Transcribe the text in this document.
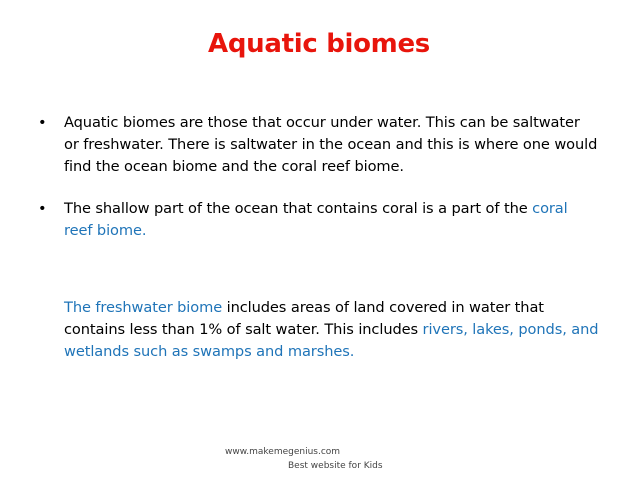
Aquatic biomes
• Aquatic biomes are those that occur under water. This can be saltwater or freshwater. There is saltwater in the ocean and this is where one would find the ocean biome and the coral reef biome.
• The shallow part of the ocean that contains coral is a part of the coral reef biome.
The freshwater biome includes areas of land covered in water that contains less than 1% of salt water. This includes rivers, lakes, ponds, and wetlands such as swamps and marshes.
www.makemegenius.com
Best website for Kids
